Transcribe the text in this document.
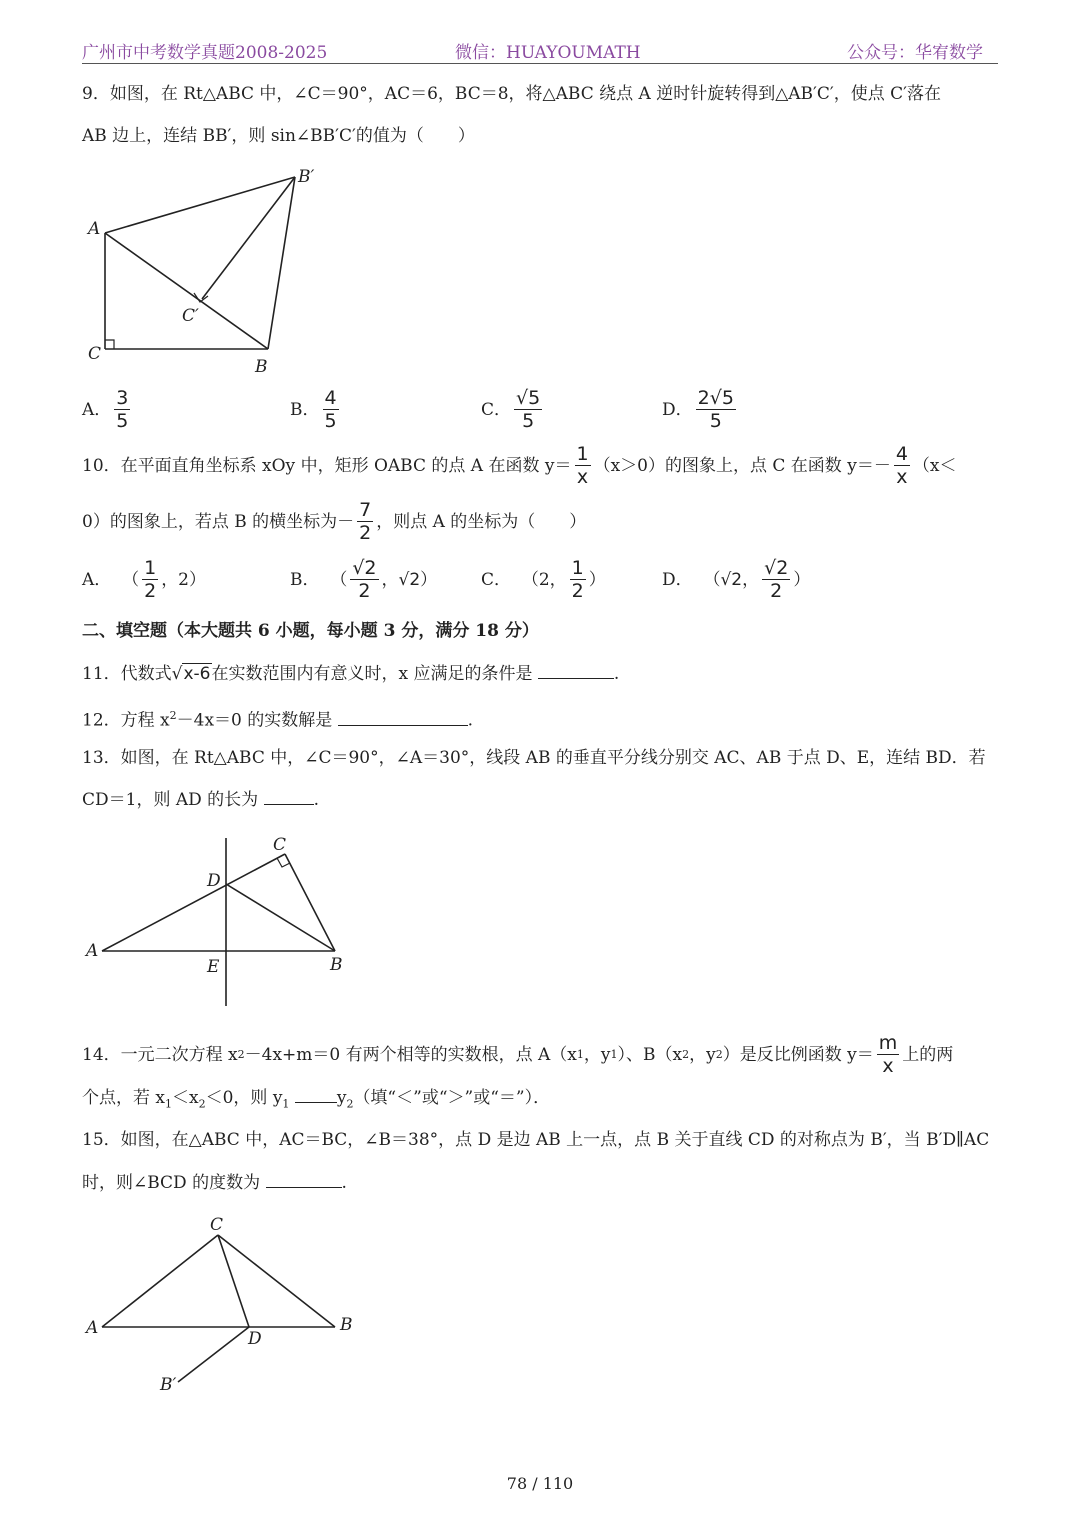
广州市中考数学真题2008-2025	微信：HUAYOUMATH	公众号：华宥数学
9．如图，在 Rt△ABC 中，∠C＝90°，AC＝6，BC＝8，将△ABC 绕点 A 逆时针旋转得到△AB′C′，使点 C′落在
AB 边上，连结 BB′，则 sin∠BB′C′的值为（　　）
A
B′
C
C′
B
A． $\frac{3}{5}$	B． $\frac{4}{5}$	C． $\frac{√5}{5}$	D． $\frac{2√5}{5}$
10．在平面直角坐标系 xOy 中，矩形 OABC 的点 A 在函数 $y= \frac{1}{x} (x>0)$的图象上，点 C 在函数 $y=- \frac{4}{x} (x<$
0）的图象上，若点 B 的横坐标为－ $\frac{7}{2}$ ，则点 A 的坐标为（　　）
A．
（ $\frac{1}{2}$ ，2）	B．
（ $\frac{√2}{2}$ ， √2 ）	C．
（2， $\frac{1}{2}$ ）	D．
（ √2 ， $\frac{√2}{2}$ ）
二、填空题（本大题共 6 小题，每小题 3 分，满分 18 分）
11．代数式√x-6在实数范围内有意义时，x 应满足的条件是	.
12．方程 $x^2-4x=0$ 的实数解是	.
13．如图，在 Rt△ABC 中，∠C＝90°，∠A＝30°，线段 AB 的垂直平分线分别交 AC、AB 于点 D、E，连结 BD．若
CD＝1，则 AD 的长为	.
C
D
A
E	B
14．一元二次方程 x 2 －4x+m＝0 有两个相等的实数根，点 A（x 1 ，y 1 ）、B（x 2 ，y 2 ）是反比例函数 $y= \frac{m}{x}$ 上的两
个点，若 $x_1<x_2<0$，则 $y_1$	$y_2$（填“＜”或“＞”或“＝”）．
15．如图，在△ABC 中，AC＝BC，∠B＝38°，点 D 是边 AB 上一点，点 B 关于直线 CD 的对称点为 B′，当 B′D∥AC
时，则∠BCD 的度数为	.
C
A	B
D
B′
78 / 110
